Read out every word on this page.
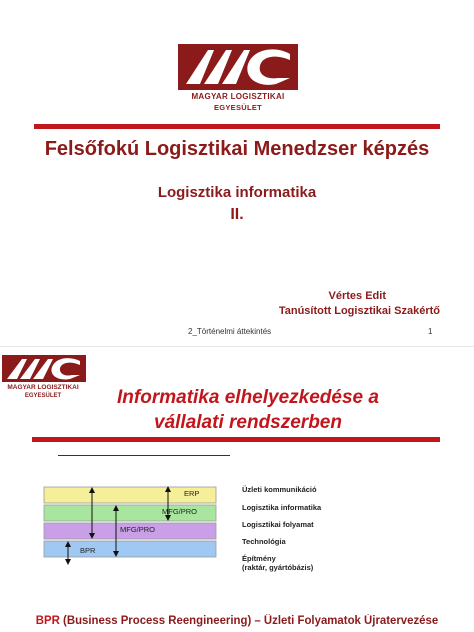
MAGYAR LOGISZTIKAI
EGYESÜLET
Felsőfokú Logisztikai Menedzser képzés
Logisztika informatika
II.
Vértes Edit
Tanúsított Logisztikai Szakértő
2_Történelmi áttekintés	1
MAGYAR LOGISZTIKAI
EGYESÜLET	Informatika elhelyezkedése a
vállalati rendszerben
ERP
MFG/PRO
MFG/PRO
BPR
Üzleti kommunikáció
Logisztika informatika
Logisztikai folyamat
Technológia
Építmény
(raktár, gyártóbázis)
BPR (Business Process Reengineering) – Üzleti Folyamatok Újratervezése
